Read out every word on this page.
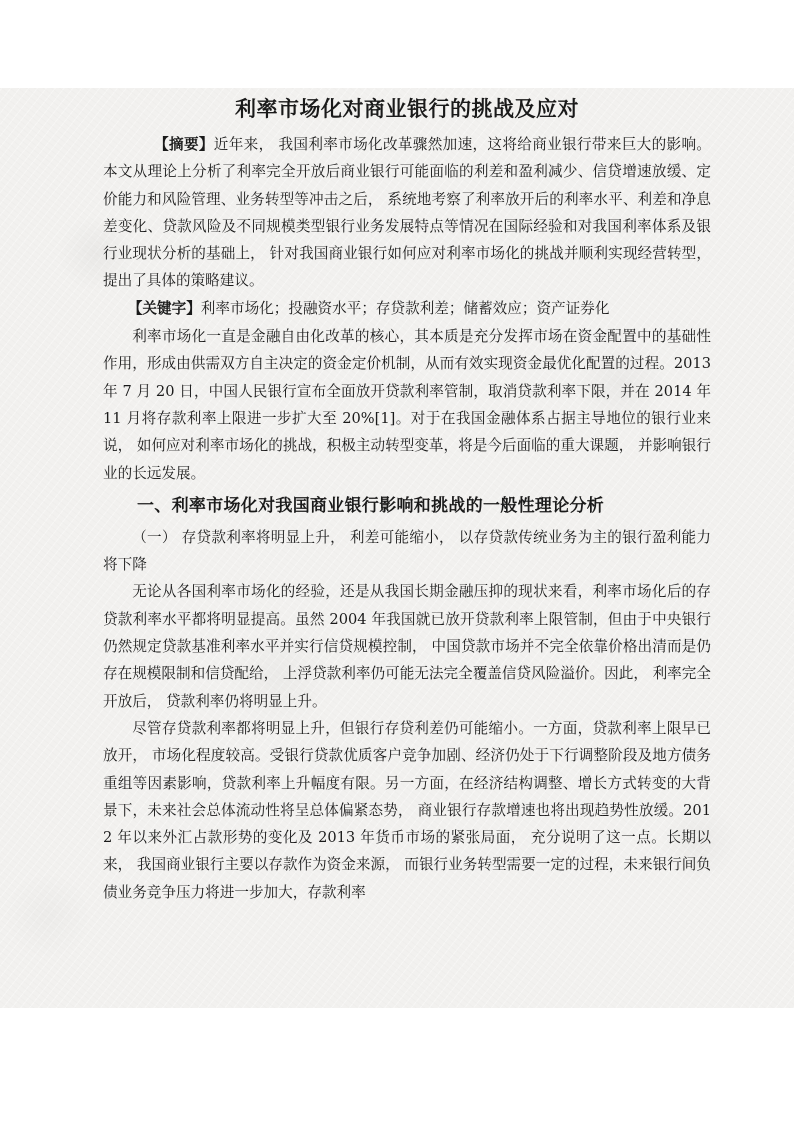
利率市场化对商业银行的挑战及应对

【摘要】近年来， 我国利率市场化改革骤然加速，这将给商业银行带来巨大的影响。本文从理论上分析了利率完全开放后商业银行可能面临的利差和盈利减少、信贷增速放缓、定价能力和风险管理、业务转型等冲击之后， 系统地考察了利率放开后的利率水平、利差和净息差变化、贷款风险及不同规模类型银行业务发展特点等情况在国际经验和对我国利率体系及银行业现状分析的基础上， 针对我国商业银行如何应对利率市场化的挑战并顺利实现经营转型， 提出了具体的策略建议。

【关键字】利率市场化；投融资水平；存贷款利差；储蓄效应；资产证券化

利率市场化一直是金融自由化改革的核心，其本质是充分发挥市场在资金配置中的基础性作用，形成由供需双方自主决定的资金定价机制，从而有效实现资金最优化配置的过程。2013 年 7 月 20 日，中国人民银行宣布全面放开贷款利率管制，取消贷款利率下限，并在 2014 年 11 月将存款利率上限进一步扩大至 20%[1]。对于在我国金融体系占据主导地位的银行业来说， 如何应对利率市场化的挑战，积极主动转型变革，将是今后面临的重大课题， 并影响银行业的长远发展。

一、利率市场化对我国商业银行影响和挑战的一般性理论分析

（一） 存贷款利率将明显上升， 利差可能缩小， 以存贷款传统业务为主的银行盈利能力将下降

无论从各国利率市场化的经验，还是从我国长期金融压抑的现状来看，利率市场化后的存贷款利率水平都将明显提高。虽然 2004 年我国就已放开贷款利率上限管制，但由于中央银行仍然规定贷款基准利率水平并实行信贷规模控制， 中国贷款市场并不完全依靠价格出清而是仍存在规模限制和信贷配给， 上浮贷款利率仍可能无法完全覆盖信贷风险溢价。因此， 利率完全开放后， 贷款利率仍将明显上升。

尽管存贷款利率都将明显上升，但银行存贷利差仍可能缩小。一方面，贷款利率上限早已放开， 市场化程度较高。受银行贷款优质客户竞争加剧、经济仍处于下行调整阶段及地方债务重组等因素影响，贷款利率上升幅度有限。另一方面，在经济结构调整、增长方式转变的大背景下，未来社会总体流动性将呈总体偏紧态势， 商业银行存款增速也将出现趋势性放缓。2012 年以来外汇占款形势的变化及 2013 年货币市场的紧张局面， 充分说明了这一点。长期以来， 我国商业银行主要以存款作为资金来源， 而银行业务转型需要一定的过程，未来银行间负债业务竞争压力将进一步加大，存款利率
